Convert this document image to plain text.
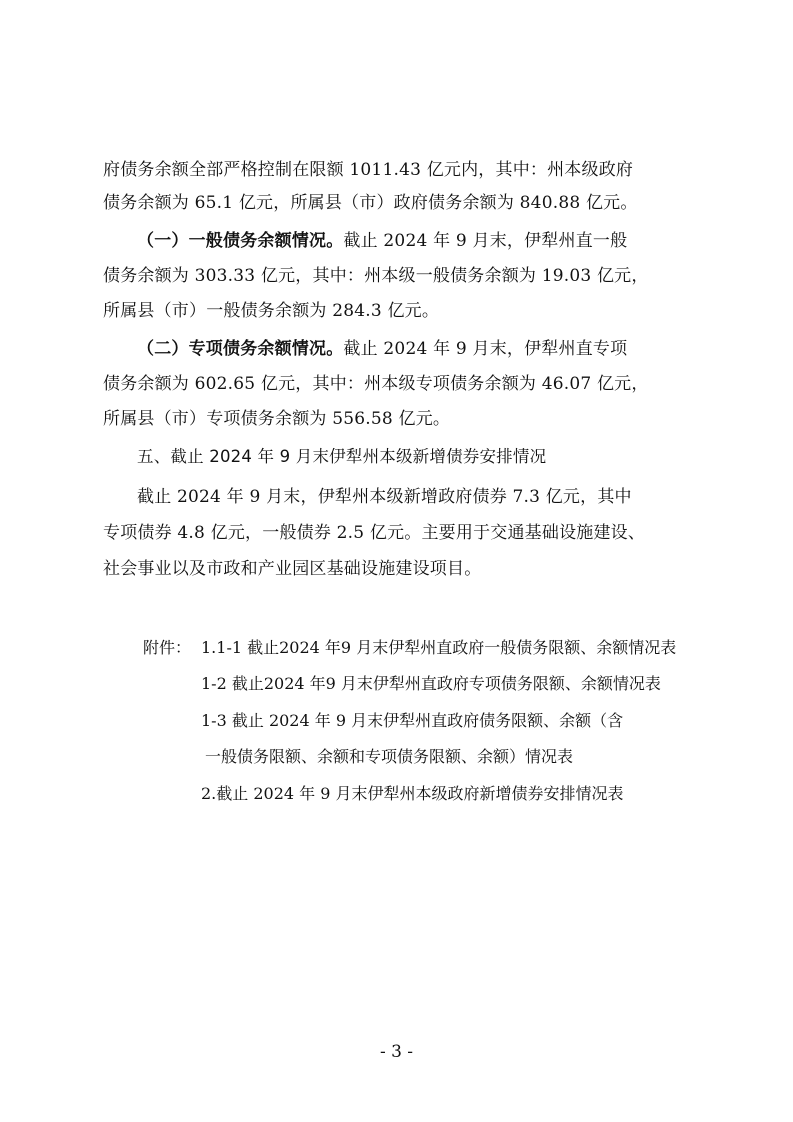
府债务余额全部严格控制在限额 1011.43 亿元内，其中：州本级政府
债务余额为 65.1 亿元，所属县（市）政府债务余额为 840.88 亿元。
（一）一般债务余额情况。截止 2024 年 9 月末，伊犁州直一般
债务余额为 303.33 亿元，其中：州本级一般债务余额为 19.03 亿元，
所属县（市）一般债务余额为 284.3 亿元。
（二）专项债务余额情况。截止 2024 年 9 月末，伊犁州直专项
债务余额为 602.65 亿元，其中：州本级专项债务余额为 46.07 亿元，
所属县（市）专项债务余额为 556.58 亿元。
五、截止 2024 年 9 月末伊犁州本级新增债券安排情况
截止 2024 年 9 月末，伊犁州本级新增政府债券 7.3 亿元，其中
专项债券 4.8 亿元，一般债券 2.5 亿元。主要用于交通基础设施建设、
社会事业以及市政和产业园区基础设施建设项目。
附件： 1.1-1 截止2024 年9 月末伊犁州直政府一般债务限额、余额情况表
1-2 截止2024 年9 月末伊犁州直政府专项债务限额、余额情况表
1-3 截止 2024 年 9 月末伊犁州直政府债务限额、余额（含
一般债务限额、余额和专项债务限额、余额）情况表
2.截止 2024 年 9 月末伊犁州本级政府新增债券安排情况表
- 3 -
